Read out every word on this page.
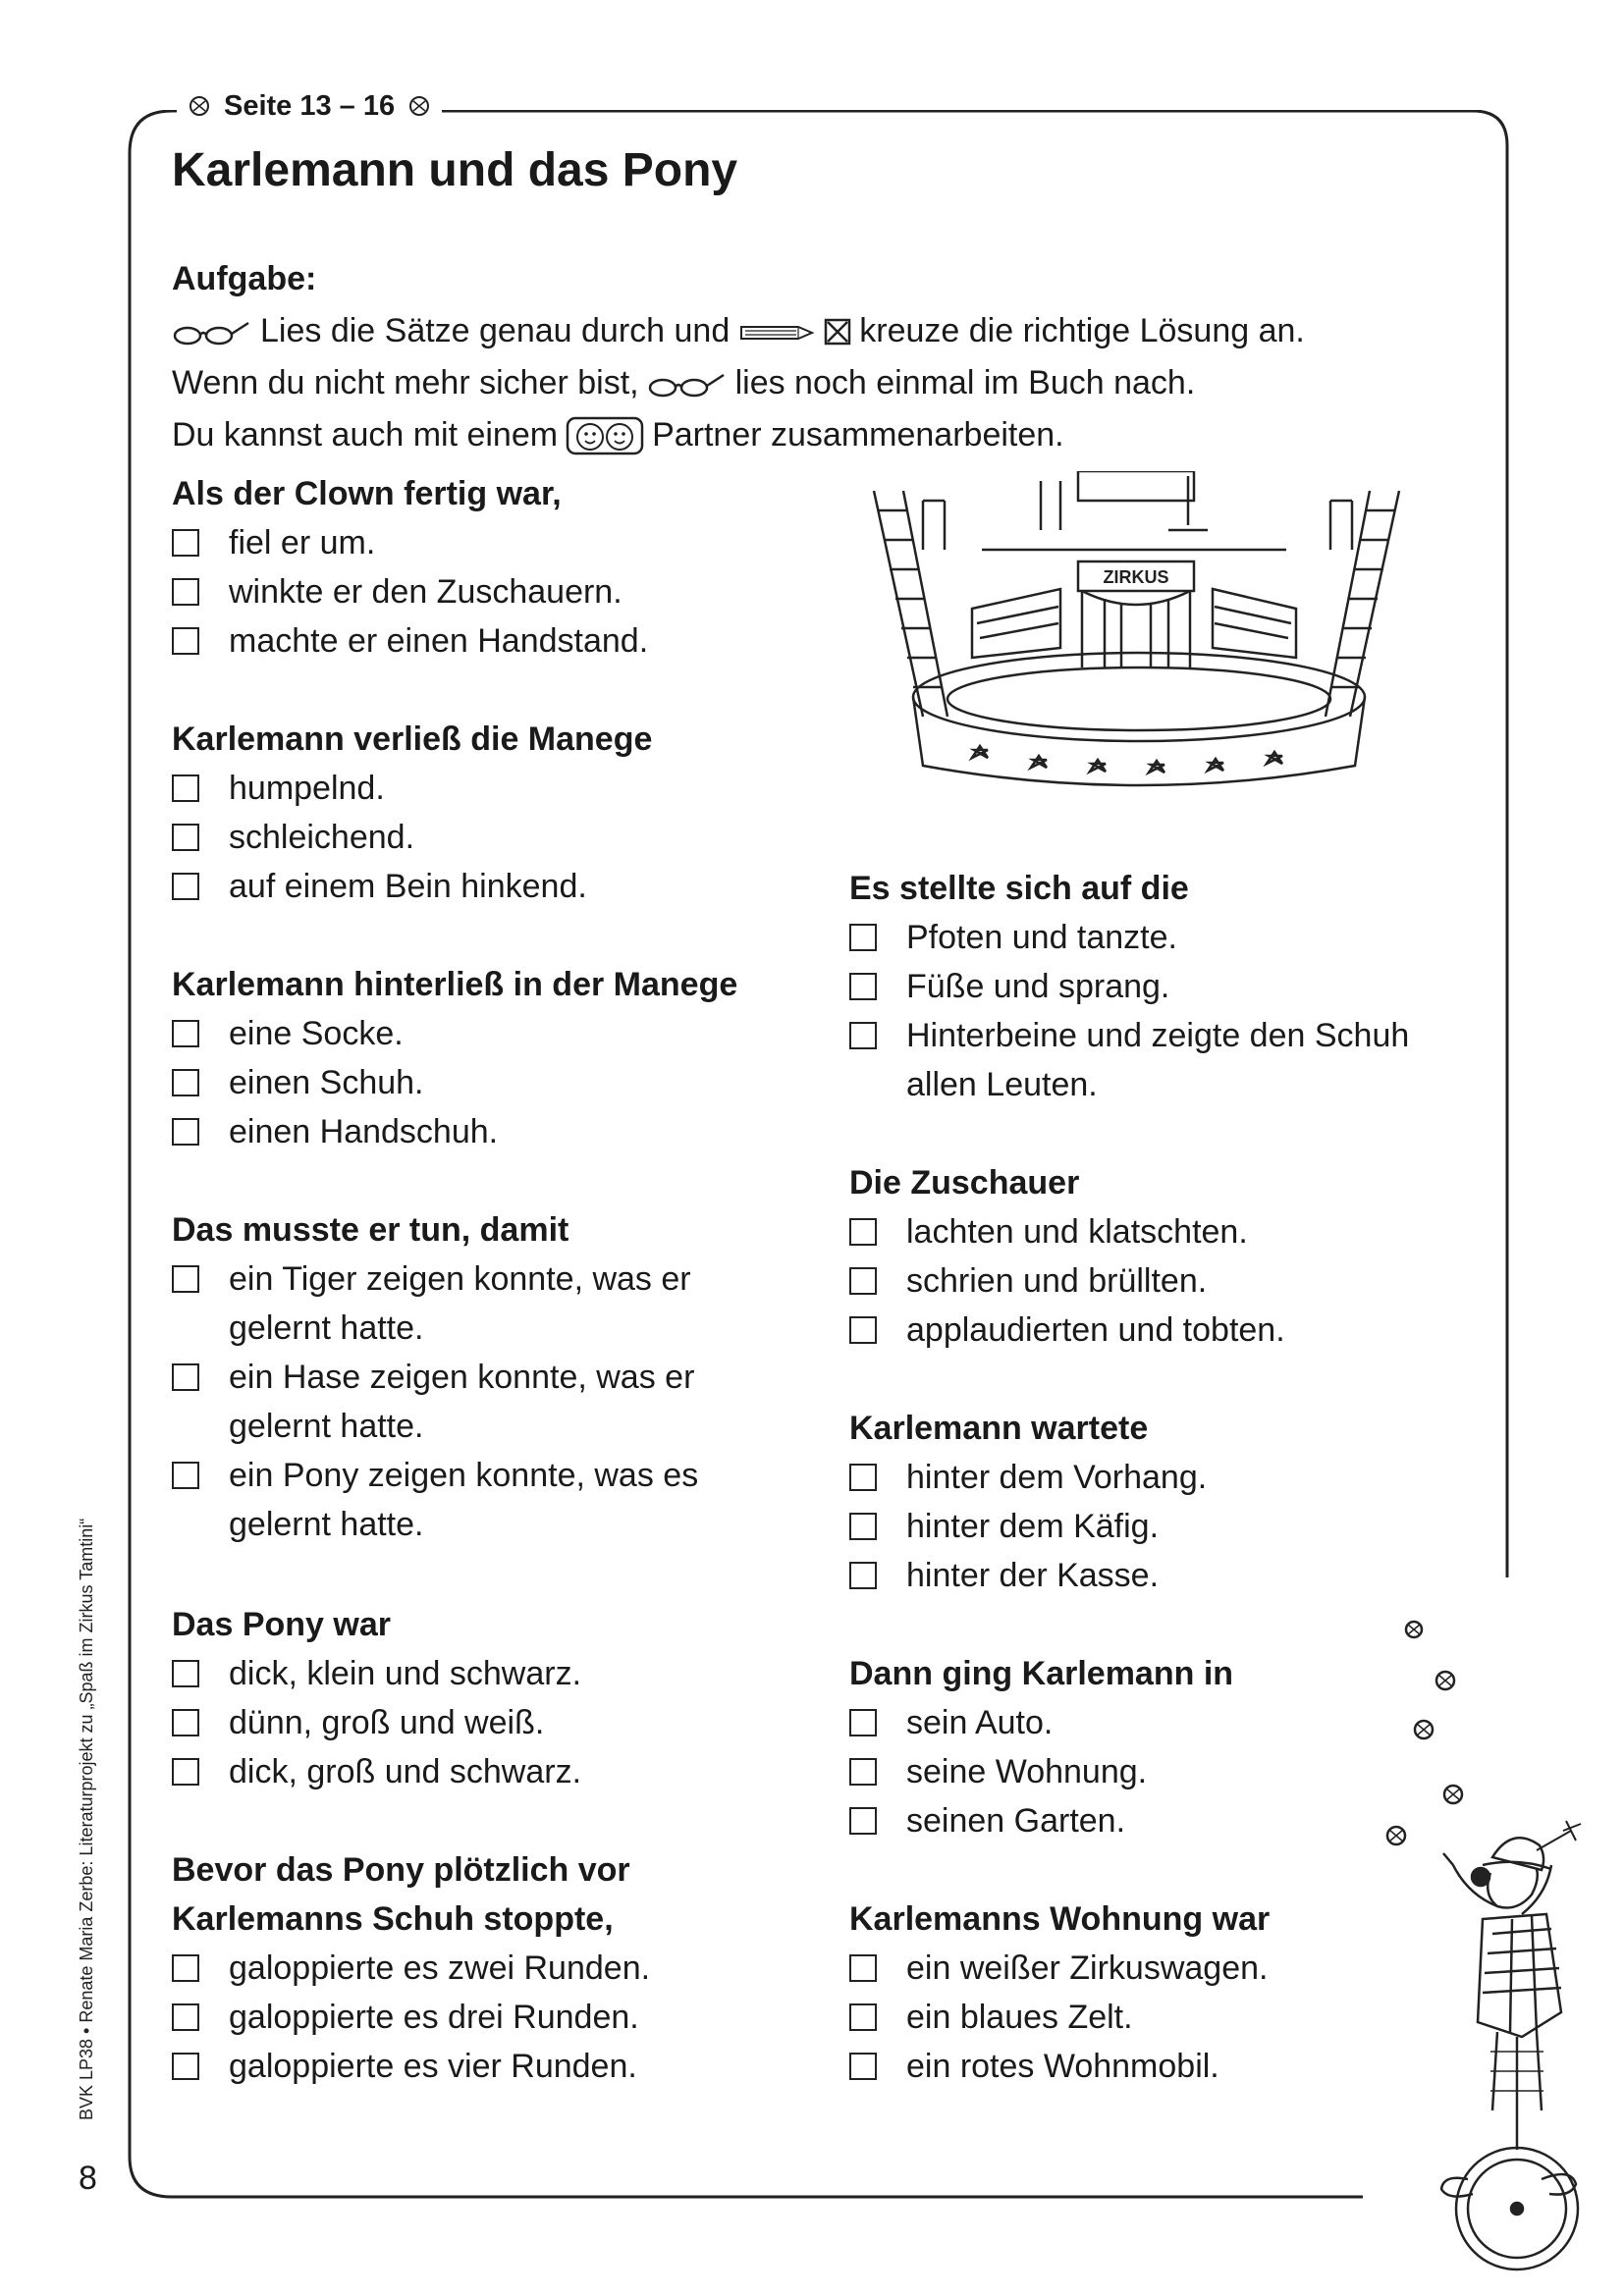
Seite 13 – 16
Karlemann und das Pony
Aufgabe:
Lies die Sätze genau durch und	kreuze die richtige Lösung an.
Wenn du nicht mehr sicher bist,	lies noch einmal im Buch nach.
Du kannst auch mit einem	Partner zusammenarbeiten.
ZIRKUS
Als der Clown fertig war,
fiel er um.
winkte er den Zuschauern.
machte er einen Handstand.
Karlemann verließ die Manege
humpelnd.
schleichend.
auf einem Bein hinkend.
Karlemann hinterließ in der Manege
eine Socke.
einen Schuh.
einen Handschuh.
Das musste er tun, damit
ein Tiger zeigen konnte, was er gelernt hatte.
ein Hase zeigen konnte, was er gelernt hatte.
ein Pony zeigen konnte, was es gelernt hatte.
Das Pony war
dick, klein und schwarz.
dünn, groß und weiß.
dick, groß und schwarz.
Bevor das Pony plötzlich vor
Karlemanns Schuh stoppte,
galoppierte es zwei Runden.
galoppierte es drei Runden.
galoppierte es vier Runden.
Es stellte sich auf die
Pfoten und tanzte.
Füße und sprang.
Hinterbeine und zeigte den Schuh allen Leuten.
Die Zuschauer
lachten und klatschten.
schrien und brüllten.
applaudierten und tobten.
Karlemann wartete
hinter dem Vorhang.
hinter dem Käfig.
hinter der Kasse.
Dann ging Karlemann in
sein Auto.
seine Wohnung.
seinen Garten.
Karlemanns Wohnung war
ein weißer Zirkuswagen.
ein blaues Zelt.
ein rotes Wohnmobil.
BVK LP38 • Renate Maria Zerbe: Literaturprojekt zu „Spaß im Zirkus Tamtini“
8
